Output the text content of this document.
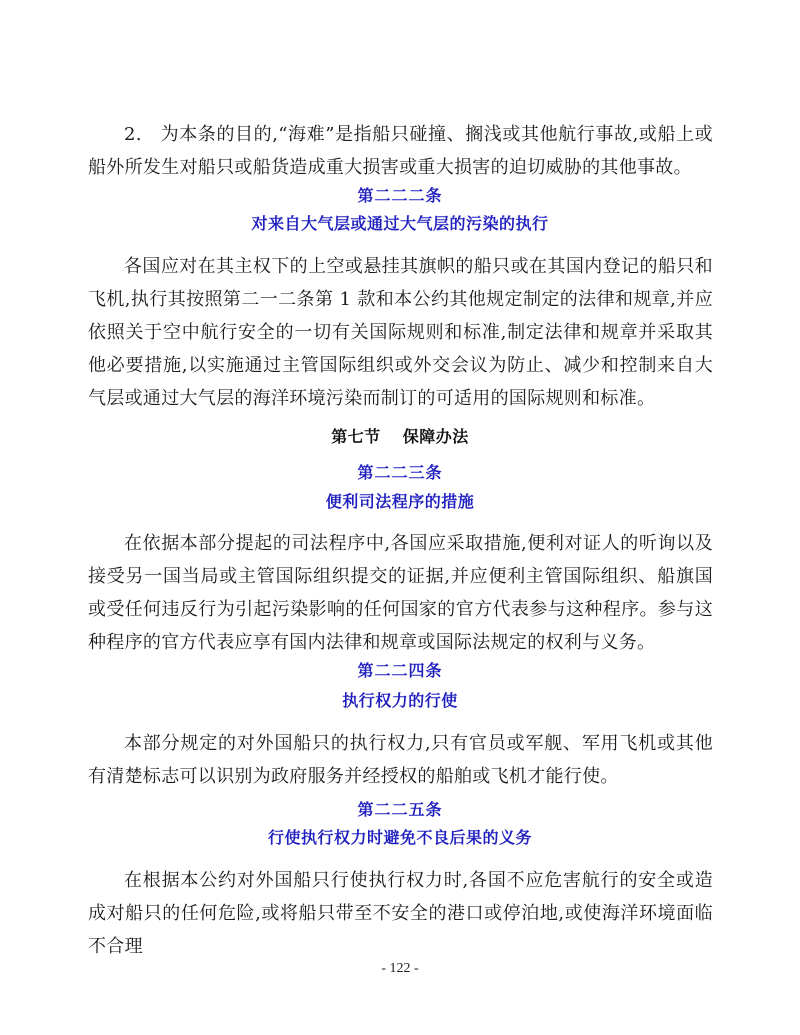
2.　为本条的目的,“海难”是指船只碰撞、搁浅或其他航行事故,或船上或船外所发生对船只或船货造成重大损害或重大损害的迫切威胁的其他事故。

第二二二条

对来自大气层或通过大气层的污染的执行

各国应对在其主权下的上空或悬挂其旗帜的船只或在其国内登记的船只和飞机,执行其按照第二一二条第 1 款和本公约其他规定制定的法律和规章,并应依照关于空中航行安全的一切有关国际规则和标准,制定法律和规章并采取其他必要措施,以实施通过主管国际组织或外交会议为防止、减少和控制来自大气层或通过大气层的海洋环境污染而制订的可适用的国际规则和标准。

第七节 保障办法

第二二三条

便利司法程序的措施

在依据本部分提起的司法程序中,各国应采取措施,便利对证人的听询以及接受另一国当局或主管国际组织提交的证据,并应便利主管国际组织、船旗国或受任何违反行为引起污染影响的任何国家的官方代表参与这种程序。参与这种程序的官方代表应享有国内法律和规章或国际法规定的权利与义务。

第二二四条

执行权力的行使

本部分规定的对外国船只的执行权力,只有官员或军舰、军用飞机或其他有清楚标志可以识别为政府服务并经授权的船舶或飞机才能行使。

第二二五条

行使执行权力时避免不良后果的义务

在根据本公约对外国船只行使执行权力时,各国不应危害航行的安全或造成对船只的任何危险,或将船只带至不安全的港口或停泊地,或使海洋环境面临不合理

- 122 -
